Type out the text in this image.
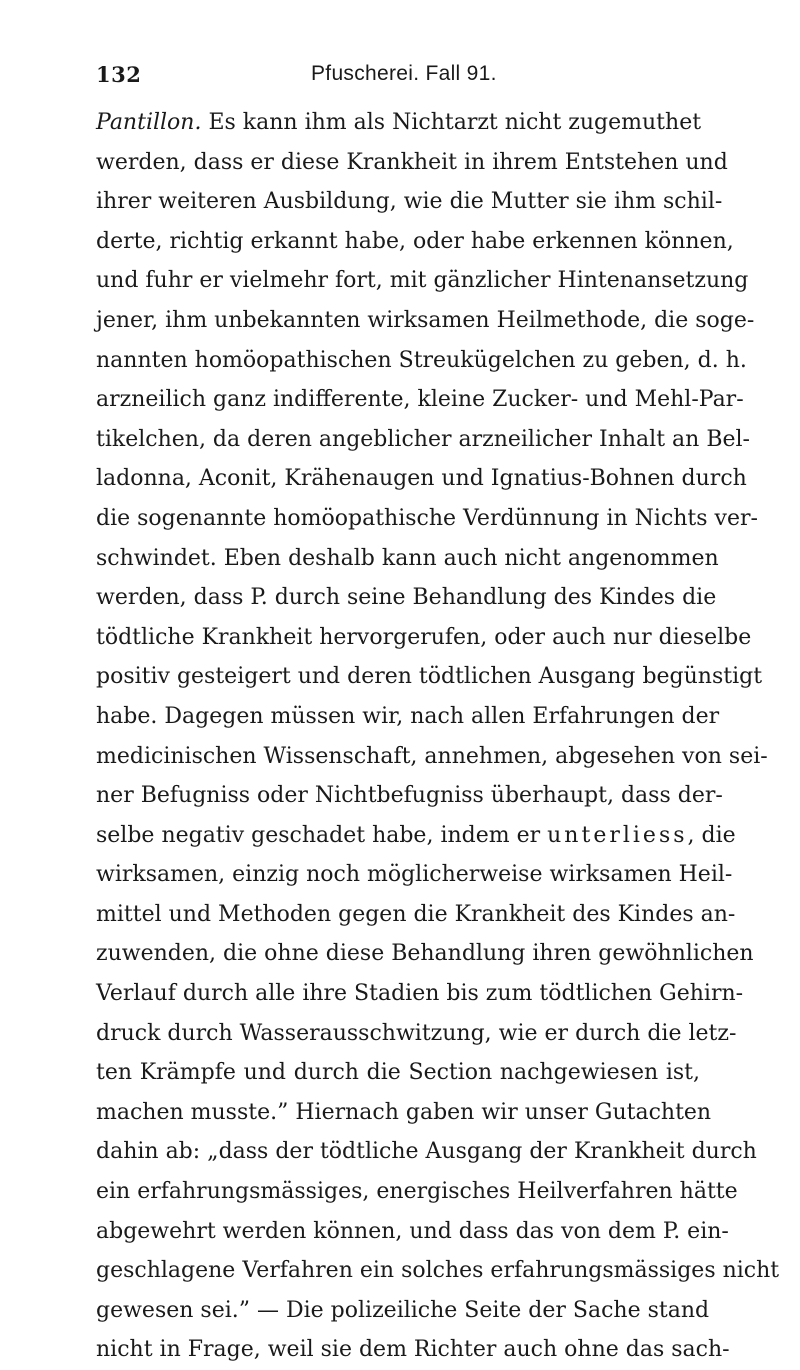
132	Pfuscherei. Fall 91.
Pantillon. Es kann ihm als Nichtarzt nicht zugemuthet
werden, dass er diese Krankheit in ihrem Entstehen und
ihrer weiteren Ausbildung, wie die Mutter sie ihm schil-
derte, richtig erkannt habe, oder habe erkennen können,
und fuhr er vielmehr fort, mit gänzlicher Hintenansetzung
jener, ihm unbekannten wirksamen Heilmethode, die soge-
nannten homöopathischen Streukügelchen zu geben, d. h.
arzneilich ganz indifferente, kleine Zucker- und Mehl-Par-
tikelchen, da deren angeblicher arzneilicher Inhalt an Bel-
ladonna, Aconit, Krähenaugen und Ignatius-Bohnen durch
die sogenannte homöopathische Verdünnung in Nichts ver-
schwindet. Eben deshalb kann auch nicht angenommen
werden, dass P. durch seine Behandlung des Kindes die
tödtliche Krankheit hervorgerufen, oder auch nur dieselbe
positiv gesteigert und deren tödtlichen Ausgang begünstigt
habe. Dagegen müssen wir, nach allen Erfahrungen der
medicinischen Wissenschaft, annehmen, abgesehen von sei-
ner Befugniss oder Nichtbefugniss überhaupt, dass der-
selbe negativ geschadet habe, indem er unterliess, die
wirksamen, einzig noch möglicherweise wirksamen Heil-
mittel und Methoden gegen die Krankheit des Kindes an-
zuwenden, die ohne diese Behandlung ihren gewöhnlichen
Verlauf durch alle ihre Stadien bis zum tödtlichen Gehirn-
druck durch Wasserausschwitzung, wie er durch die letz-
ten Krämpfe und durch die Section nachgewiesen ist,
machen musste.” Hiernach gaben wir unser Gutachten
dahin ab: „dass der tödtliche Ausgang der Krankheit durch
ein erfahrungsmässiges, energisches Heilverfahren hätte
abgewehrt werden können, und dass das von dem P. ein-
geschlagene Verfahren ein solches erfahrungsmässiges nicht
gewesen sei.” — Die polizeiliche Seite der Sache stand
nicht in Frage, weil sie dem Richter auch ohne das sach-
